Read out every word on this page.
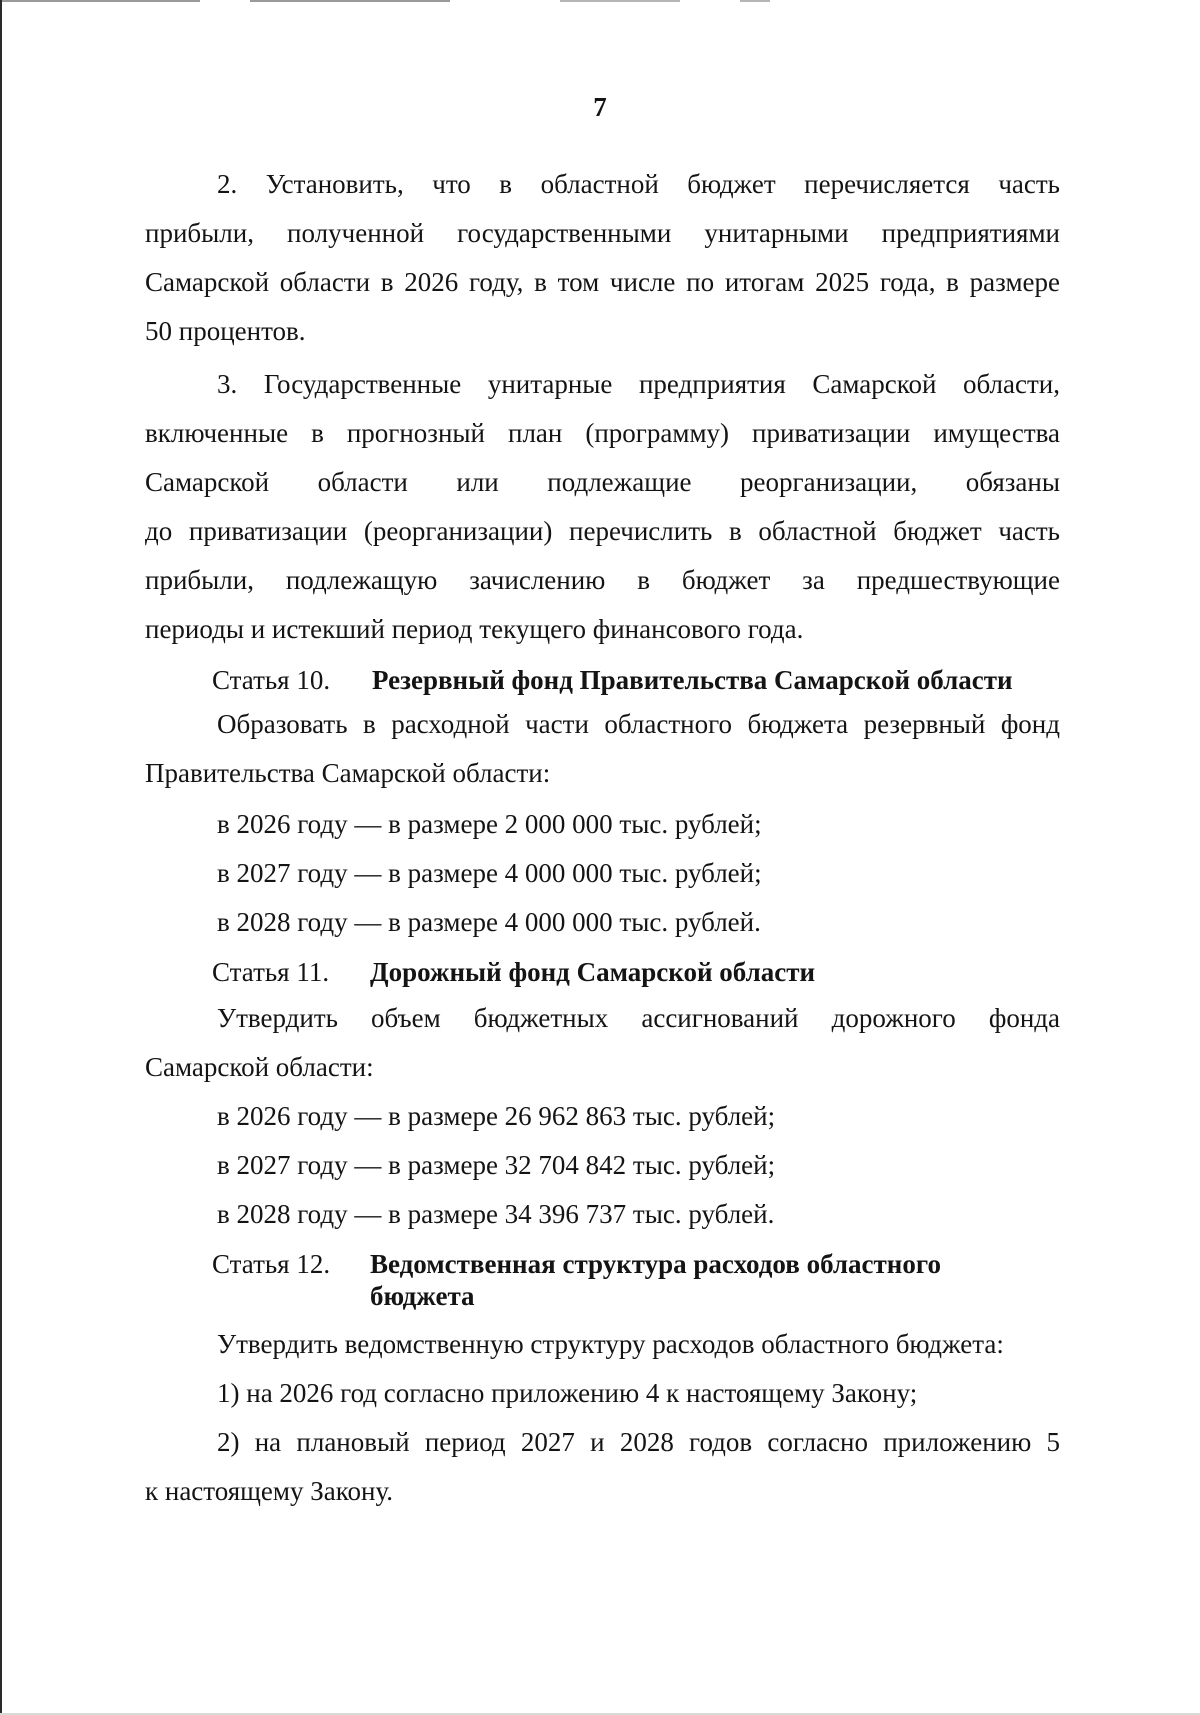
7
2. Установить, что в областной бюджет перечисляется часть
прибыли, полученной государственными унитарными предприятиями
Самарской области в 2026 году, в том числе по итогам 2025 года, в размере
50 процентов.
3. Государственные унитарные предприятия Самарской области,
включенные в прогнозный план (программу) приватизации имущества
Самарской области или подлежащие реорганизации, обязаны
до приватизации (реорганизации) перечислить в областной бюджет часть
прибыли, подлежащую зачислению в бюджет за предшествующие
периоды и истекший период текущего финансового года.
Статья 10. Резервный фонд Правительства Самарской области
Образовать в расходной части областного бюджета резервный фонд
Правительства Самарской области:
в 2026 году — в размере 2 000 000 тыс. рублей;
в 2027 году — в размере 4 000 000 тыс. рублей;
в 2028 году — в размере 4 000 000 тыс. рублей.
Статья 11. Дорожный фонд Самарской области
Утвердить объем бюджетных ассигнований дорожного фонда
Самарской области:
в 2026 году — в размере 26 962 863 тыс. рублей;
в 2027 году — в размере 32 704 842 тыс. рублей;
в 2028 году — в размере 34 396 737 тыс. рублей.
Статья 12. Ведомственная структура расходов областного бюджета
Утвердить ведомственную структуру расходов областного бюджета:
1) на 2026 год согласно приложению 4 к настоящему Закону;
2) на плановый период 2027 и 2028 годов согласно приложению 5
к настоящему Закону.
